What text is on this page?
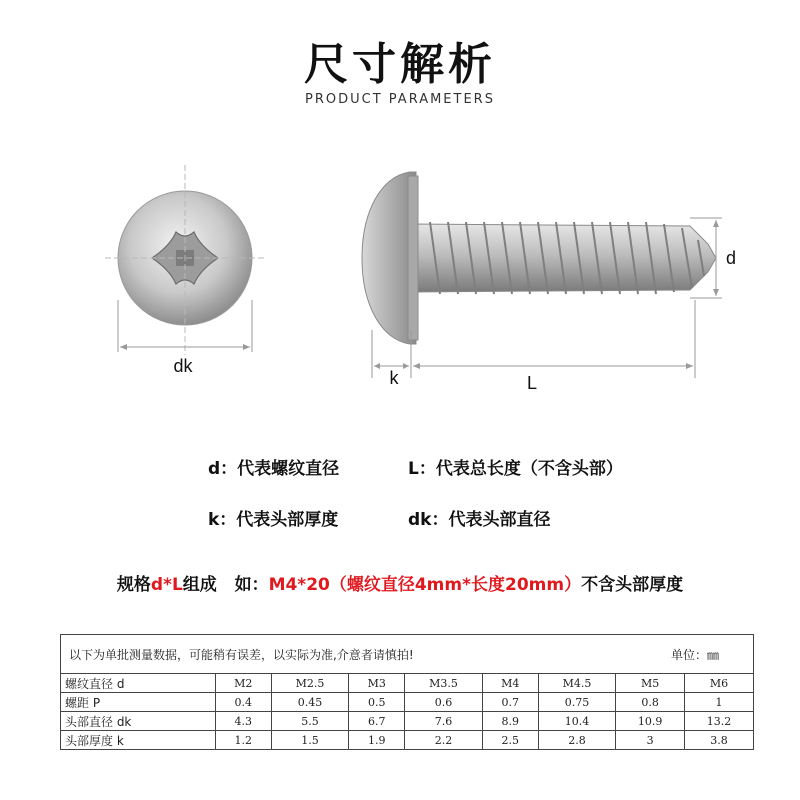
尺寸解析
PRODUCT PARAMETERS
dk
d
k	L
d：代表螺纹直径	L：代表总长度（不含头部）
k：代表头部厚度	dk：代表头部直径
规格d*L组成 如：M4*20（螺纹直径4mm*长度20mm）不含头部厚度
以下为单批测量数据，可能稍有误差，以实际为准,介意者请慎拍! 单位：㎜								

螺纹直径 d	M2	M2.5	M3	M3.5	M4	M4.5	M5	M6
螺距 P	0.4	0.45	0.5	0.6	0.7	0.75	0.8	1
头部直径 dk	4.3	5.5	6.7	7.6	8.9	10.4	10.9	13.2
头部厚度 k	1.2	1.5	1.9	2.2	2.5	2.8	3	3.8
